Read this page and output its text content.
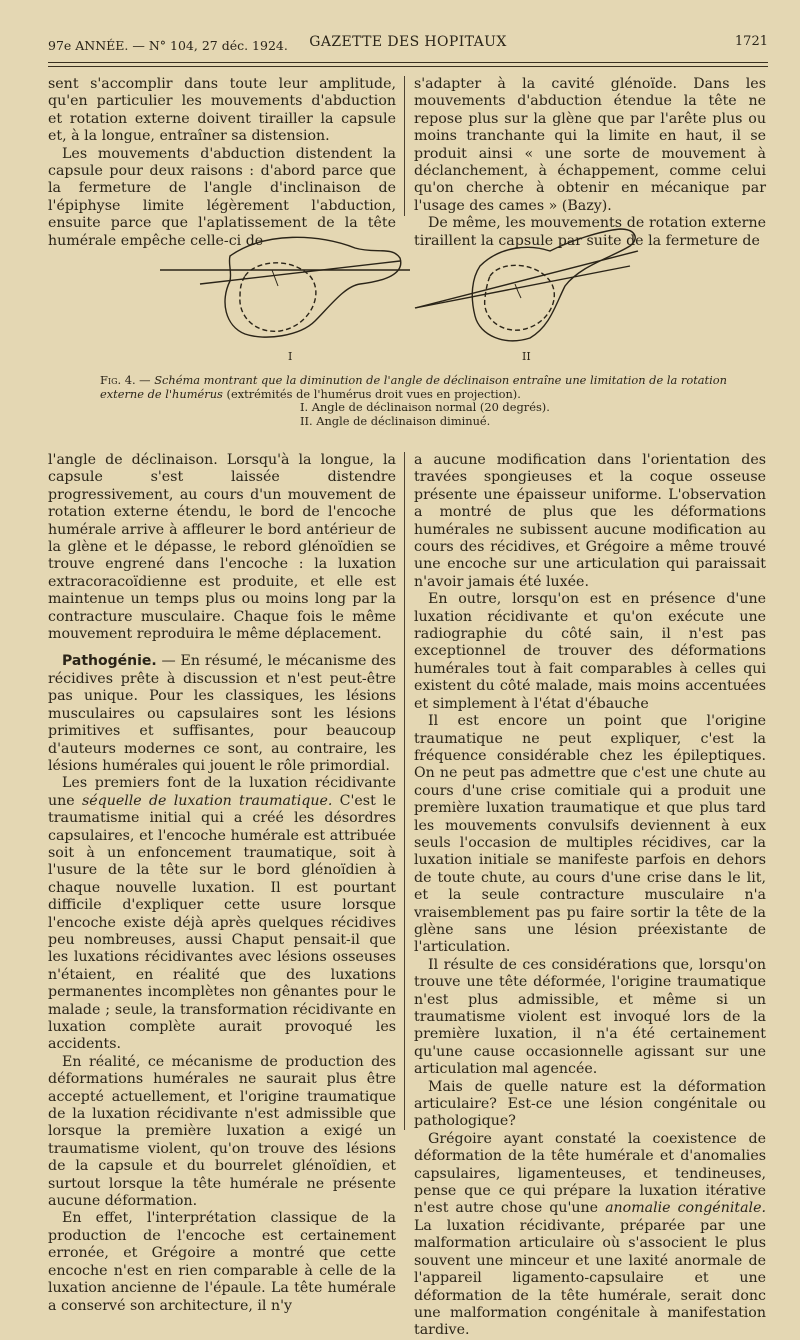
97e ANNÉE. — N° 104, 27 déc. 1924.	GAZETTE DES HOPITAUX	1721

sent s'accomplir dans toute leur amplitude, qu'en particulier les mouvements d'abduction et rotation externe doivent tirailler la capsule et, à la longue, entraîner sa distension.

Les mouvements d'abduction distendent la capsule pour deux raisons : d'abord parce que la fermeture de l'angle d'inclinaison de l'épiphyse limite légèrement l'abduction, ensuite parce que l'aplatissement de la tête humérale empêche celle-ci de

s'adapter à la cavité glénoïde. Dans les mouvements d'abduction étendue la tête ne repose plus sur la glène que par l'arête plus ou moins tranchante qui la limite en haut, il se produit ainsi « une sorte de mouvement à déclanchement, à échappement, comme celui qu'on cherche à obtenir en mécanique par l'usage des cames » (Bazy).

De même, les mouvements de rotation externe tiraillent la capsule par suite de la fermeture de

I	II
Fig. 4. — Schéma montrant que la diminution de l'angle de déclinaison entraîne une limitation de la rotation externe de l'humérus (extrémités de l'humérus droit vues en projection).
I. Angle de déclinaison normal (20 degrés).
II. Angle de déclinaison diminué.

l'angle de déclinaison. Lorsqu'à la longue, la capsule s'est laissée distendre progressivement, au cours d'un mouvement de rotation externe étendu, le bord de l'encoche humérale arrive à affleurer le bord antérieur de la glène et le dépasse, le rebord glénoïdien se trouve engrené dans l'encoche : la luxation extracoracoïdienne est produite, et elle est maintenue un temps plus ou moins long par la contracture musculaire. Chaque fois le même mouvement reproduira le même déplacement.

Pathogénie. — En résumé, le mécanisme des récidives prête à discussion et n'est peut-être pas unique. Pour les classiques, les lésions musculaires ou capsulaires sont les lésions primitives et suffisantes, pour beaucoup d'auteurs modernes ce sont, au contraire, les lésions humérales qui jouent le rôle primordial.

Les premiers font de la luxation récidivante une séquelle de luxation traumatique. C'est le traumatisme initial qui a créé les désordres capsulaires, et l'encoche humérale est attribuée soit à un enfoncement traumatique, soit à l'usure de la tête sur le bord glénoïdien à chaque nouvelle luxation. Il est pourtant difficile d'expliquer cette usure lorsque l'encoche existe déjà après quelques récidives peu nombreuses, aussi Chaput pensait-il que les luxations récidivantes avec lésions osseuses n'étaient, en réalité que des luxations permanentes incomplètes non gênantes pour le malade ; seule, la transformation récidivante en luxation complète aurait provoqué les accidents.

En réalité, ce mécanisme de production des déformations humérales ne saurait plus être accepté actuellement, et l'origine traumatique de la luxation récidivante n'est admissible que lorsque la première luxation a exigé un traumatisme violent, qu'on trouve des lésions de la capsule et du bourrelet glénoïdien, et surtout lorsque la tête humérale ne présente aucune déformation.

En effet, l'interprétation classique de la production de l'encoche est certainement erronée, et Grégoire a montré que cette encoche n'est en rien comparable à celle de la luxation ancienne de l'épaule. La tête humérale a conservé son architecture, il n'y

a aucune modification dans l'orientation des travées spongieuses et la coque osseuse présente une épaisseur uniforme. L'observation a montré de plus que les déformations humérales ne subissent aucune modification au cours des récidives, et Grégoire a même trouvé une encoche sur une articulation qui paraissait n'avoir jamais été luxée.

En outre, lorsqu'on est en présence d'une luxation récidivante et qu'on exécute une radiographie du côté sain, il n'est pas exceptionnel de trouver des déformations humérales tout à fait comparables à celles qui existent du côté malade, mais moins accentuées et simplement à l'état d'ébauche

Il est encore un point que l'origine traumatique ne peut expliquer, c'est la fréquence considérable chez les épileptiques. On ne peut pas admettre que c'est une chute au cours d'une crise comitiale qui a produit une première luxation traumatique et que plus tard les mouvements convulsifs deviennent à eux seuls l'occasion de multiples récidives, car la luxation initiale se manifeste parfois en dehors de toute chute, au cours d'une crise dans le lit, et la seule contracture musculaire n'a vraisemblement pas pu faire sortir la tête de la glène sans une lésion préexistante de l'articulation.

Il résulte de ces considérations que, lorsqu'on trouve une tête déformée, l'origine traumatique n'est plus admissible, et même si un traumatisme violent est invoqué lors de la première luxation, il n'a été certainement qu'une cause occasionnelle agissant sur une articulation mal agencée.

Mais de quelle nature est la déformation articulaire? Est-ce une lésion congénitale ou pathologique?

Grégoire ayant constaté la coexistence de déformation de la tête humérale et d'anomalies capsulaires, ligamenteuses, et tendineuses, pense que ce qui prépare la luxation itérative n'est autre chose qu'une anomalie congénitale. La luxation récidivante, préparée par une malformation articulaire où s'associent le plus souvent une minceur et une laxité anormale de l'appareil ligamento-capsulaire et une déformation de la tête humérale, serait donc une malformation congénitale à manifestation tardive.
